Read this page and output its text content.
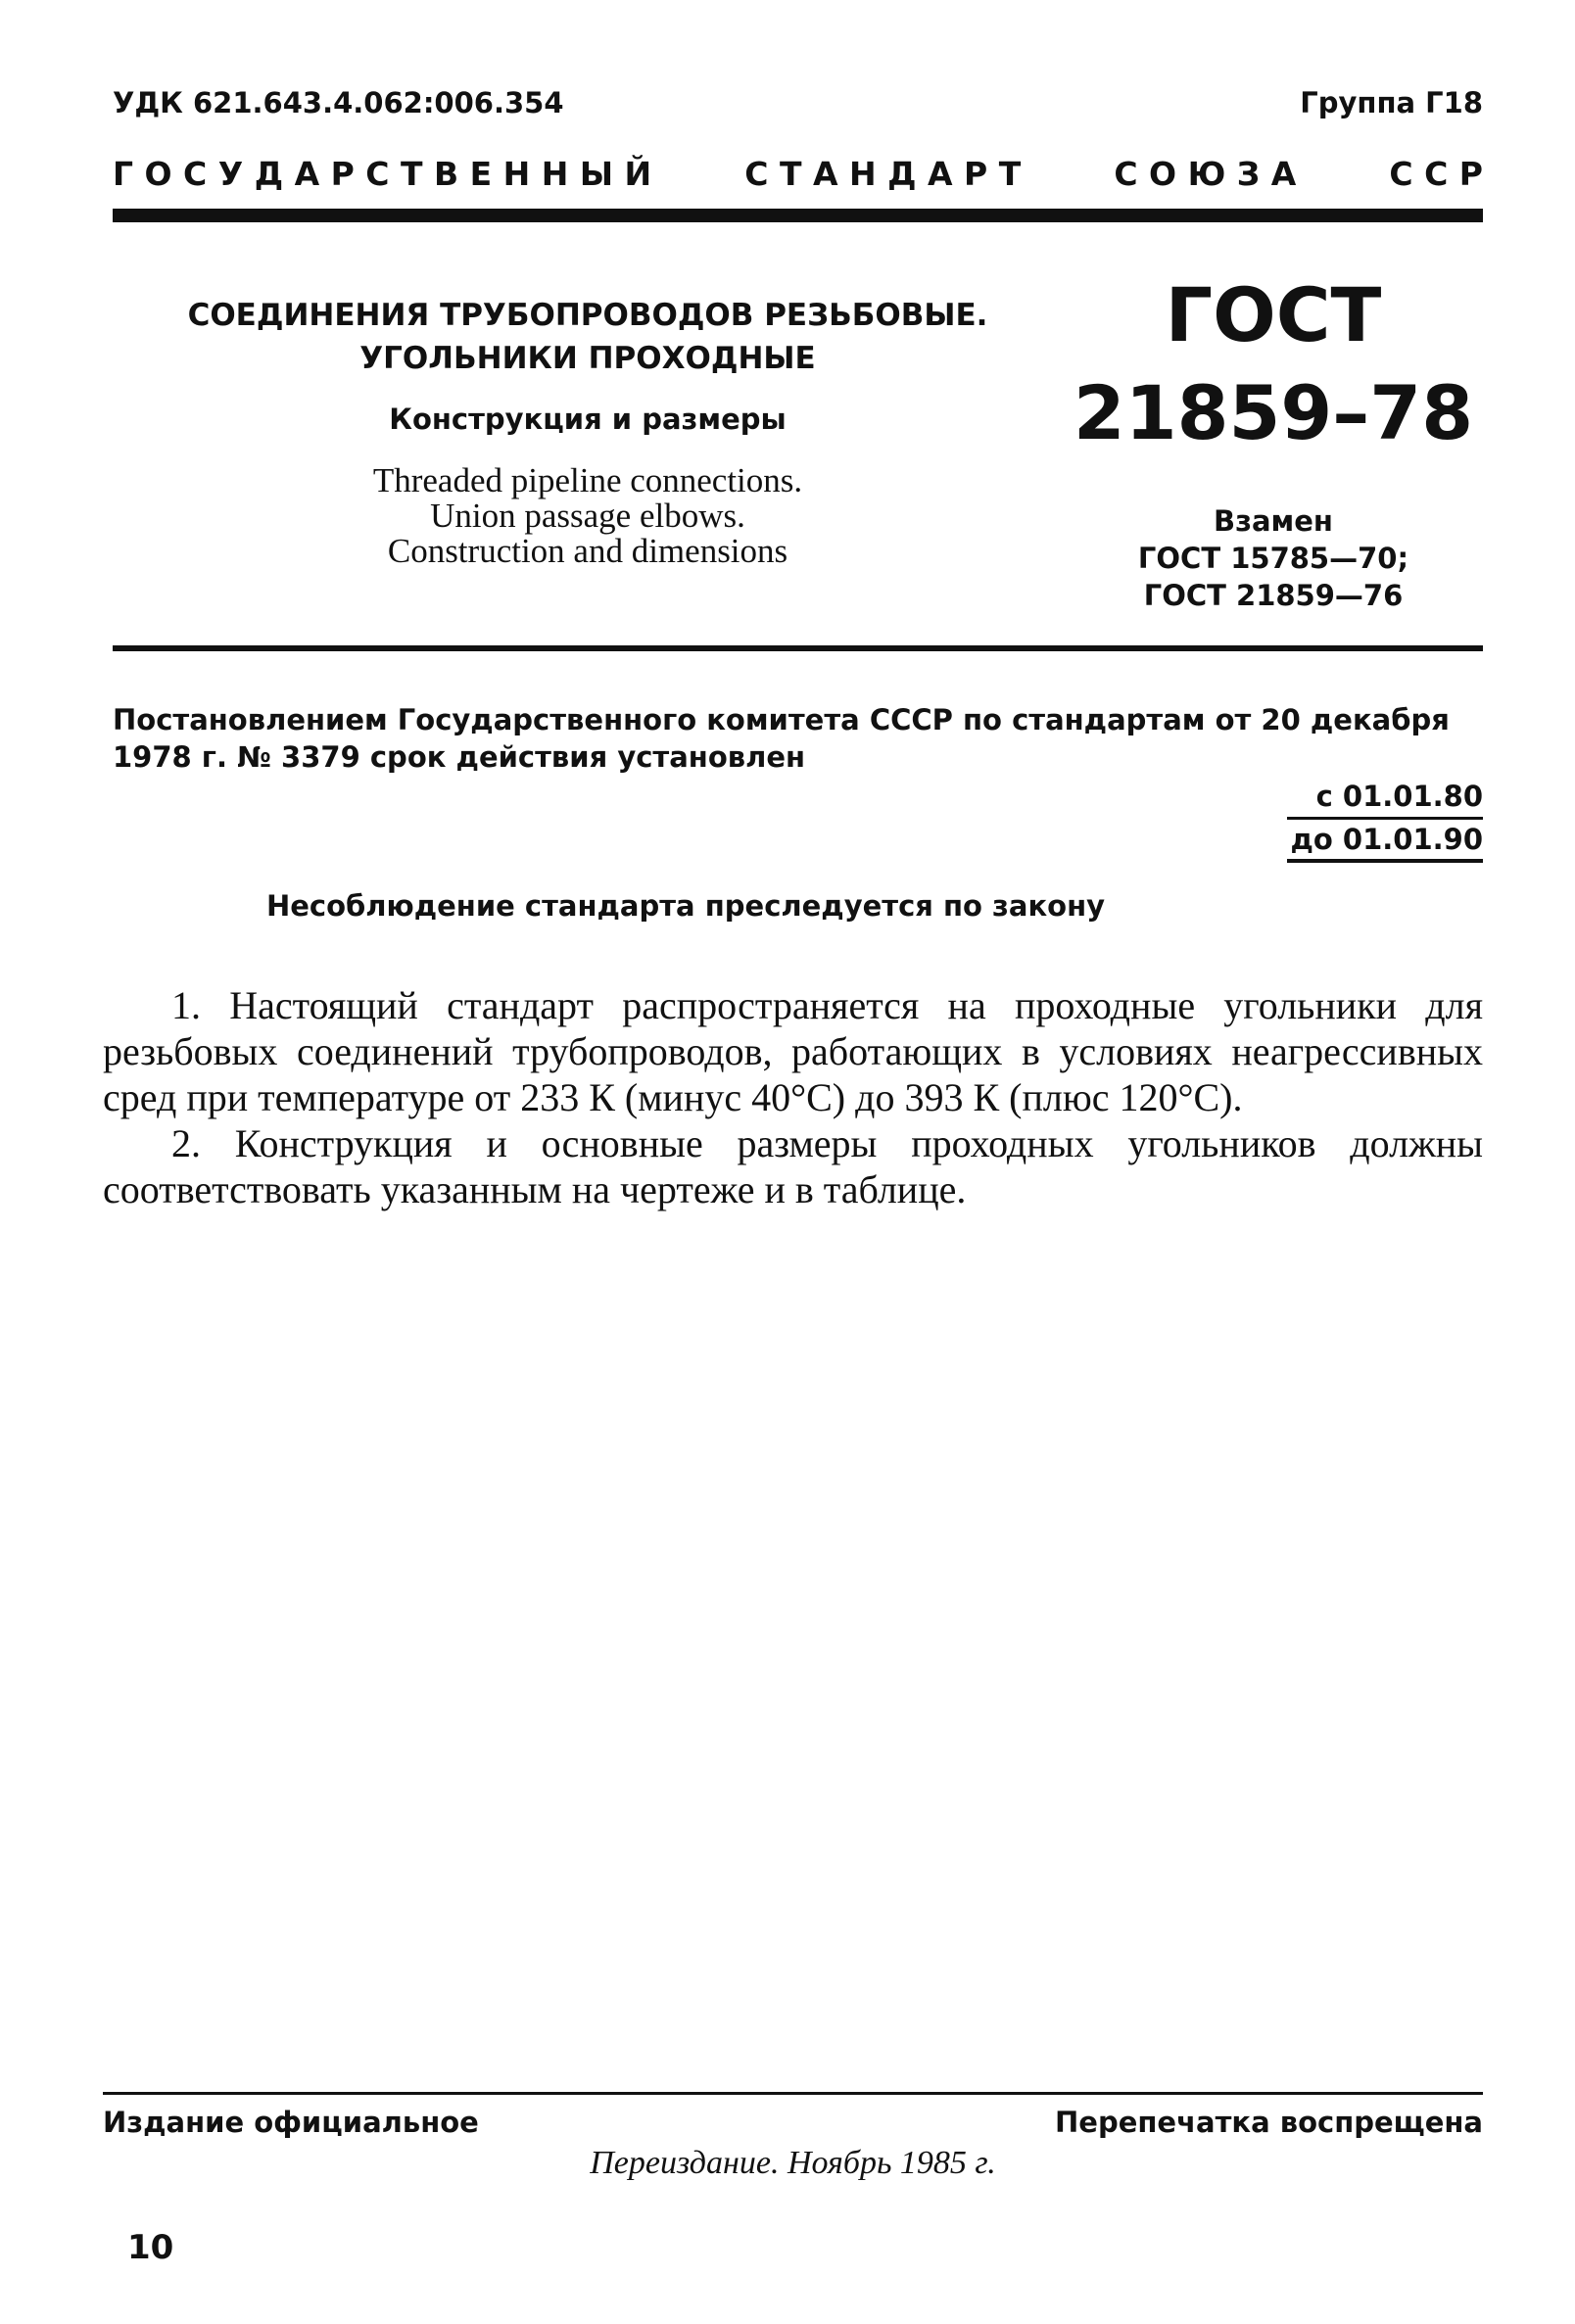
УДК 621.643.4.062:006.354	Группа Г18
Г О С У Д А Р С Т В Е Н Н Ы Й	С Т А Н Д А Р Т	С О Ю З А	С С Р
СОЕДИНЕНИЯ ТРУБОПРОВОДОВ РЕЗЬБОВЫЕ.
УГОЛЬНИКИ ПРОХОДНЫЕ
Конструкция и размеры
Threaded pipeline connections.
Union passage elbows.
Construction and dimensions
ГОСТ
21859–78
Взамен
ГОСТ 15785—70;
ГОСТ 21859—76
Постановлением Государственного комитета СССР по стандартам от 20 декабря 1978 г. № 3379 срок действия установлен
с 01.01.80
до 01.01.90
Несоблюдение стандарта преследуется по закону

1. Настоящий стандарт распространяется на проходные угольники для резьбовых соединений трубопроводов, работающих в условиях неагрессивных сред при температуре от 233 К (минус 40°С) до 393 К (плюс 120°С).

2. Конструкция и основные размеры проходных угольников должны соответствовать указанным на чертеже и в таблице.

Издание официальное	Перепечатка воспрещена
Переиздание. Ноябрь 1985 г.
10
